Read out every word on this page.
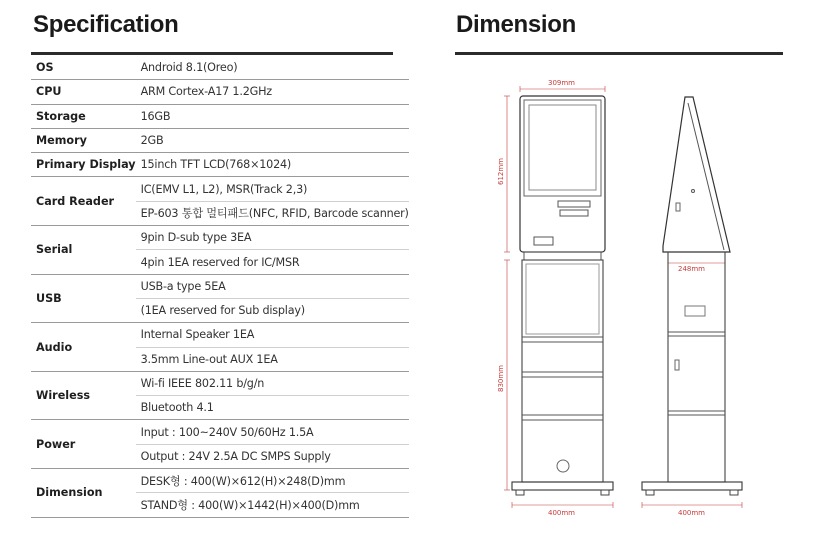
Specification	Dimension
OS	Android 8.1(Oreo)
CPU	ARM Cortex-A17 1.2GHz
Storage	16GB
Memory	2GB
Primary Display	15inch TFT LCD(768×1024)
Card Reader	IC(EMV L1, L2), MSR(Track 2,3)
	EP-603 통합 멀티패드(NFC, RFID, Barcode scanner)
Serial	9pin D-sub type 3EA
	4pin 1EA reserved for IC/MSR
USB	USB-a type 5EA
	(1EA reserved for Sub display)
Audio	Internal Speaker 1EA
	3.5mm Line-out AUX 1EA
Wireless	Wi-fi IEEE 802.11 b/g/n
	Bluetooth 4.1
Power	Input : 100~240V 50/60Hz 1.5A
	Output : 24V 2.5A DC SMPS Supply
Dimension	DESK형 : 400(W)×612(H)×248(D)mm
	STAND형 : 400(W)×1442(H)×400(D)mm
309mm
612mm
248mm
830mm
400mm	400mm
